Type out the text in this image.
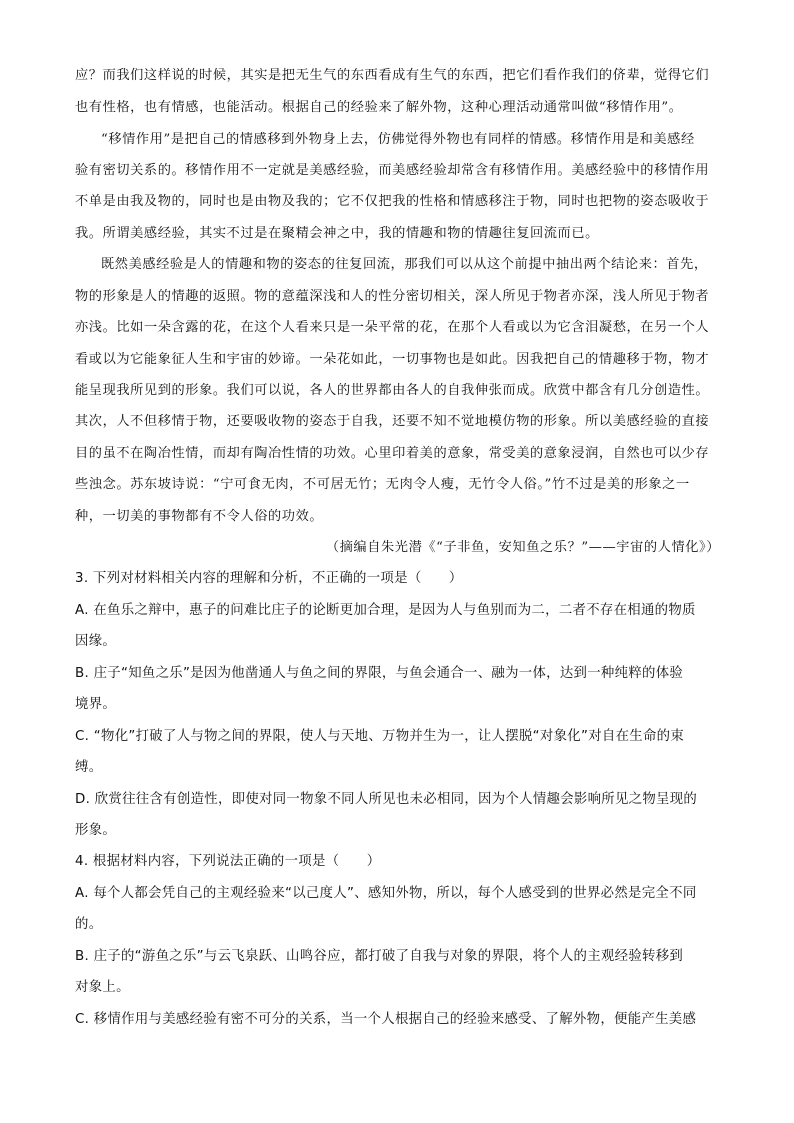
应？而我们这样说的时候，其实是把无生气的东西看成有生气的东西，把它们看作我们的侪辈，觉得它们
也有性格，也有情感，也能活动。根据自己的经验来了解外物，这种心理活动通常叫做“移情作用”。
“移情作用”是把自己的情感移到外物身上去，仿佛觉得外物也有同样的情感。移情作用是和美感经
验有密切关系的。移情作用不一定就是美感经验，而美感经验却常含有移情作用。美感经验中的移情作用
不单是由我及物的，同时也是由物及我的；它不仅把我的性格和情感移注于物，同时也把物的姿态吸收于
我。所谓美感经验，其实不过是在聚精会神之中，我的情趣和物的情趣往复回流而已。
既然美感经验是人的情趣和物的姿态的往复回流，那我们可以从这个前提中抽出两个结论来：首先，
物的形象是人的情趣的返照。物的意蕴深浅和人的性分密切相关，深人所见于物者亦深，浅人所见于物者
亦浅。比如一朵含露的花，在这个人看来只是一朵平常的花，在那个人看或以为它含泪凝愁，在另一个人
看或以为它能象征人生和宇宙的妙谛。一朵花如此，一切事物也是如此。因我把自己的情趣移于物，物才
能呈现我所见到的形象。我们可以说，各人的世界都由各人的自我伸张而成。欣赏中都含有几分创造性。
其次，人不但移情于物，还要吸收物的姿态于自我，还要不知不觉地模仿物的形象。所以美感经验的直接
目的虽不在陶冶性情，而却有陶冶性情的功效。心里印着美的意象，常受美的意象浸润，自然也可以少存
些浊念。苏东坡诗说：“宁可食无肉，不可居无竹；无肉令人瘦，无竹令人俗。”竹不过是美的形象之一
种，一切美的事物都有不令人俗的功效。
（摘编自朱光潜《“子非鱼，安知鱼之乐？”——宇宙的人情化》）
3. 下列对材料相关内容的理解和分析，不正确的一项是（　　）
A. 在鱼乐之辩中，惠子的问难比庄子的论断更加合理，是因为人与鱼别而为二，二者不存在相通的物质
因缘。
B. 庄子“知鱼之乐”是因为他凿通人与鱼之间的界限，与鱼会通合一、融为一体，达到一种纯粹的体验
境界。
C. “物化”打破了人与物之间的界限，使人与天地、万物并生为一，让人摆脱“对象化”对自在生命的束
缚。
D. 欣赏往往含有创造性，即使对同一物象不同人所见也未必相同，因为个人情趣会影响所见之物呈现的
形象。
4. 根据材料内容，下列说法正确的一项是（　　）
A. 每个人都会凭自己的主观经验来“以己度人”、感知外物，所以，每个人感受到的世界必然是完全不同
的。
B. 庄子的“游鱼之乐”与云飞泉跃、山鸣谷应，都打破了自我与对象的界限，将个人的主观经验转移到
对象上。
C. 移情作用与美感经验有密不可分的关系，当一个人根据自己的经验来感受、了解外物，便能产生美感
